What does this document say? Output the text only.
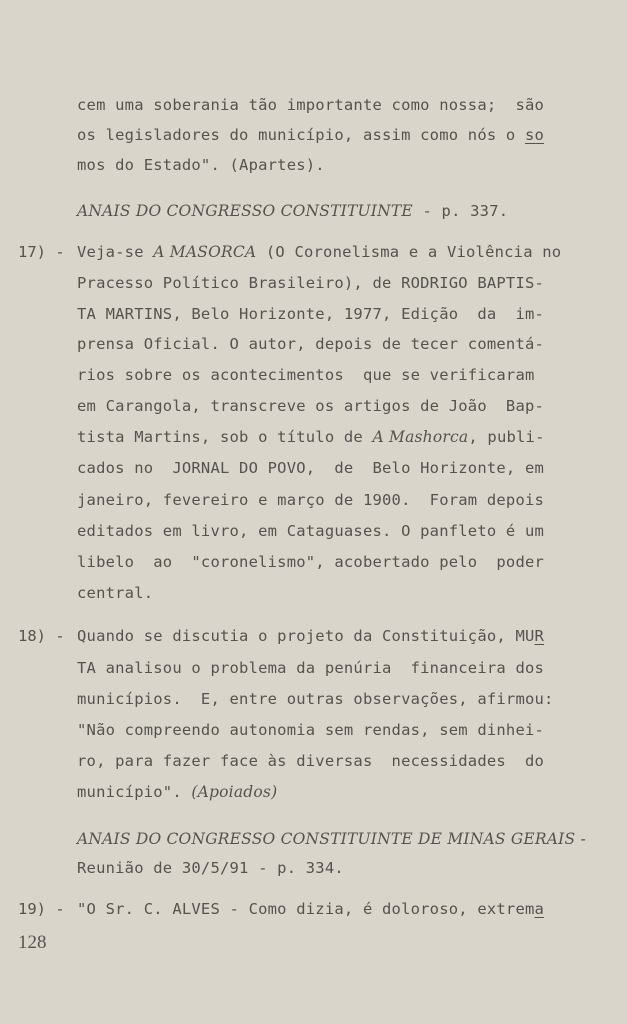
cem uma soberania tão importante como nossa;  são
os legisladores do município, assim como nós o so
mos do Estado". (Apartes).
ANAIS DO CONGRESSO CONSTITUINTE - p. 337.
17) - Veja-se A MASORCA (O Coronelisma e a Violência no
Pracesso Político Brasileiro), de RODRIGO BAPTIS-
TA MARTINS, Belo Horizonte, 1977, Edição  da  im-
prensa Oficial. O autor, depois de tecer comentá-
rios sobre os acontecimentos  que se verificaram
em Carangola, transcreve os artigos de João  Bap-
tista Martins, sob o título de A Mashorca, publi-
cados no  JORNAL DO POVO,  de  Belo Horizonte, em
janeiro, fevereiro e março de 1900.  Foram depois
editados em livro, em Cataguases. O panfleto é um
libelo  ao  "coronelismo", acobertado pelo  poder
central.
18) - Quando se discutia o projeto da Constituição, MUR
TA analisou o problema da penúria  financeira dos
municípios.  E, entre outras observações, afirmou:
"Não compreendo autonomia sem rendas, sem dinhei-
ro, para fazer face às diversas  necessidades  do
município". (Apoiados)
ANAIS DO CONGRESSO CONSTITUINTE DE MINAS GERAIS -
Reunião de 30/5/91 - p. 334.
19) - "O Sr. C. ALVES - Como dizia, é doloroso, extrema
128
